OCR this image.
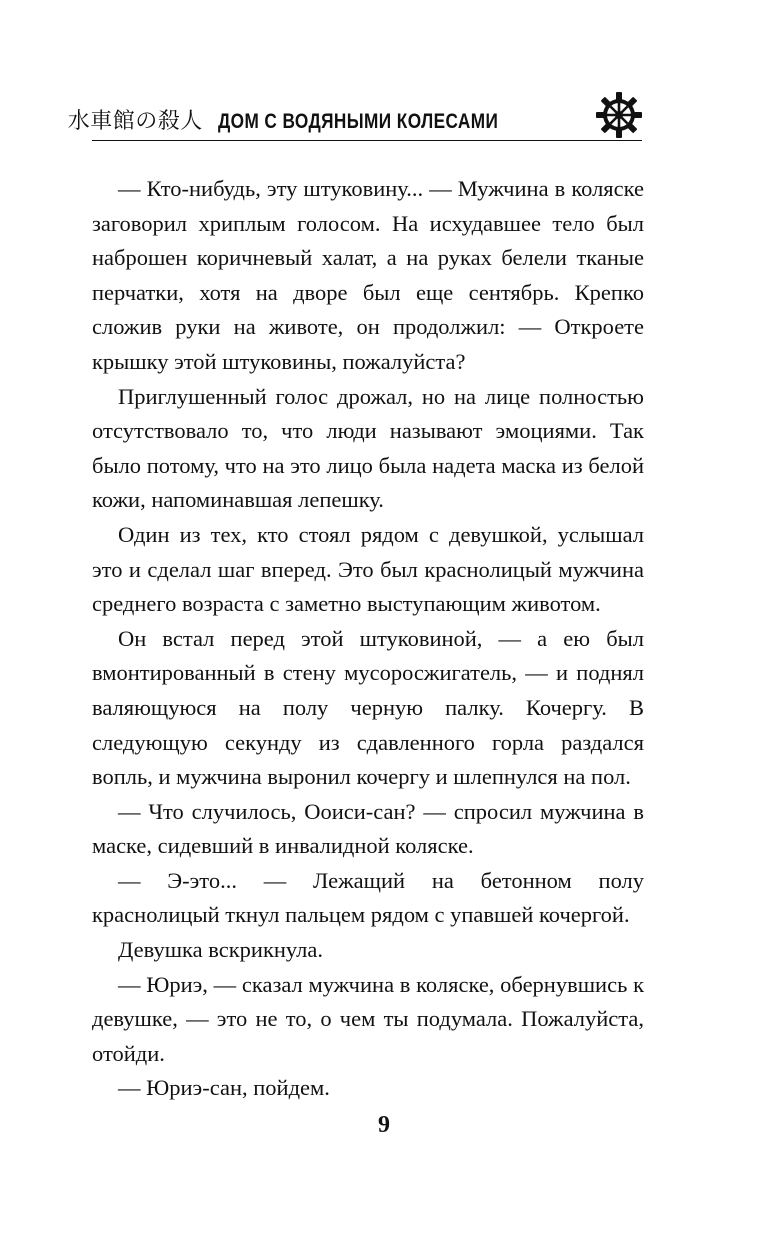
水車館の殺人 ДОМ С ВОДЯНЫМИ КОЛЕСАМИ

— Кто-нибудь, эту штуковину... — Мужчина в коляске заговорил хриплым голосом. На исхудавшее тело был наброшен коричневый халат, а на руках белели тканые перчатки, хотя на дворе был еще сентябрь. Крепко сложив руки на животе, он продолжил: — Откроете крышку этой штуковины, пожалуйста?

Приглушенный голос дрожал, но на лице полностью отсутствовало то, что люди называют эмоциями. Так было потому, что на это лицо была надета маска из белой кожи, напоминавшая лепешку.

Один из тех, кто стоял рядом с девушкой, услышал это и сделал шаг вперед. Это был краснолицый мужчина среднего возраста с заметно выступающим животом.

Он встал перед этой штуковиной, — а ею был вмонтированный в стену мусоросжигатель, — и поднял валяющуюся на полу черную палку. Кочергу. В следующую секунду из сдавленного горла раздался вопль, и мужчина выронил кочергу и шлепнулся на пол.

— Что случилось, Ооиси-сан? — спросил мужчина в маске, сидевший в инвалидной коляске.

— Э-это... — Лежащий на бетонном полу краснолицый ткнул пальцем рядом с упавшей кочергой.

Девушка вскрикнула.

— Юриэ, — сказал мужчина в коляске, обернувшись к девушке, — это не то, о чем ты подумала. Пожалуйста, отойди.

— Юриэ-сан, пойдем.

9
